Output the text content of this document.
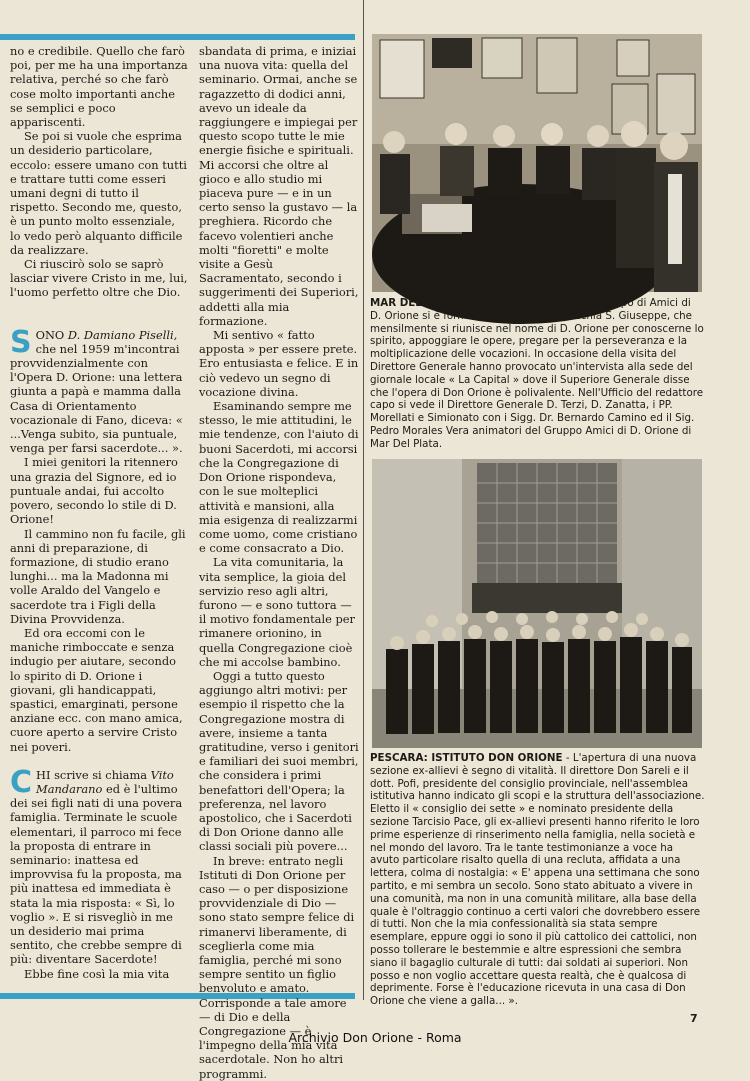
no e credibile. Quello che farò poi, per me ha una importanza relativa, perché so che farò cose molto importanti anche se semplici e poco appariscenti.

Se poi si vuole che esprima un desiderio particolare, eccolo: essere umano con tutti e trattare tutti come esseri umani degni di tutto il rispetto. Secondo me, questo, è un punto molto essenziale, lo vedo però alquanto difficile da realizzare.

Ci riuscirò solo se saprò lasciar vivere Cristo in me, lui, l'uomo perfetto oltre che Dio.

SONO D. Damiano Piselli, che nel 1959 m'incontrai provvidenzialmente con l'Opera D. Orione: una lettera giunta a papà e mamma dalla Casa di Orientamento vocazionale di Fano, diceva: « ...Venga subito, sia puntuale, venga per farsi sacerdote... ».

I miei genitori la ritennero una grazia del Signore, ed io puntuale andai, fui accolto povero, secondo lo stile di D. Orione!

Il cammino non fu facile, gli anni di preparazione, di formazione, di studio erano lunghi... ma la Madonna mi volle Araldo del Vangelo e sacerdote tra i Figli della Divina Provvidenza.

Ed ora eccomi con le maniche rimboccate e senza indugio per aiutare, secondo lo spirito di D. Orione i giovani, gli handicappati, spastici, emarginati, persone anziane ecc. con mano amica, cuore aperto a servire Cristo nei poveri.

CHI scrive si chiama Vito Mandarano ed è l'ultimo dei sei figli nati di una povera famiglia. Terminate le scuole elementari, il parroco mi fece la proposta di entrare in seminario: inattesa ed improvvisa fu la proposta, ma più inattesa ed immediata è stata la mia risposta: « Sì, lo voglio ». E si risvegliò in me un desiderio mai prima sentito, che crebbe sempre di più: diventare Sacerdote!

Ebbe fine così la mia vita

sbandata di prima, e iniziai una nuova vita: quella del seminario. Ormai, anche se ragazzetto di dodici anni, avevo un ideale da raggiungere e impiegai per questo scopo tutte le mie energie fisiche e spirituali. Mi accorsi che oltre al gioco e allo studio mi piaceva pure — e in un certo senso la gustavo — la preghiera. Ricordo che facevo volentieri anche molti "fioretti" e molte visite a Gesù Sacramentato, secondo i suggerimenti dei Superiori, addetti alla mia formazione.

Mi sentivo « fatto apposta » per essere prete. Ero entusiasta e felice. E in ciò vedevo un segno di vocazione divina.

Esaminando sempre me stesso, le mie attitudini, le mie tendenze, con l'aiuto di buoni Sacerdoti, mi accorsi che la Congregazione di Don Orione rispondeva, con le sue molteplici attività e mansioni, alla mia esigenza di realizzarmi come uomo, come cristiano e come consacrato a Dio.

La vita comunitaria, la vita semplice, la gioia del servizio reso agli altri, furono — e sono tuttora — il motivo fondamentale per rimanere orionino, in quella Congregazione cioè che mi accolse bambino.

Oggi a tutto questo aggiungo altri motivi: per esempio il rispetto che la Congregazione mostra di avere, insieme a tanta gratitudine, verso i genitori e familiari dei suoi membri, che considera i primi benefattori dell'Opera; la preferenza, nel lavoro apostolico, che i Sacerdoti di Don Orione danno alle classi sociali più povere...

In breve: entrato negli Istituti di Don Orione per caso — o per disposizione provvidenziale di Dio — sono stato sempre felice di rimanervi liberamente, di sceglierla come mia famiglia, perché mi sono sempre sentito un figlio benvoluto e amato. Corrisponde a tale amore — di Dio e della Congregazione — è l'impegno della mia vita sacerdotale. Non ho altri programmi.

MAR DEL PLATA, Argentina - Un fiorente gruppo di Amici di D. Orione si è formato nell'Istituto-Parrocchia S. Giuseppe, che mensilmente si riunisce nel nome di D. Orione per conoscerne lo spirito, appoggiare le opere, pregare per la perseveranza e la moltiplicazione delle vocazioni. In occasione della visita del Direttore Generale hanno provocato un'intervista alla sede del giornale locale « La Capital » dove il Superiore Generale disse che l'opera di Don Orione è polivalente. Nell'Ufficio del redattore capo si vede il Direttore Generale D. Terzi, D. Zanatta, i PP. Morellati e Simionato con i Sigg. Dr. Bernardo Camino ed il Sig. Pedro Morales Vera animatori del Gruppo Amici di D. Orione di Mar Del Plata.
PESCARA: ISTITUTO DON ORIONE - L'apertura di una nuova sezione ex-allievi è segno di vitalità. Il direttore Don Sareli e il dott. Pofi, presidente del consiglio provinciale, nell'assemblea istitutiva hanno indicato gli scopi e la struttura dell'associazione. Eletto il « consiglio dei sette » e nominato presidente della sezione Tarcisio Pace, gli ex-allievi presenti hanno riferito le loro prime esperienze di rinserimento nella famiglia, nella società e nel mondo del lavoro. Tra le tante testimonianze a voce ha avuto particolare risalto quella di una recluta, affidata a una lettera, colma di nostalgia: « E' appena una settimana che sono partito, e mi sembra un secolo. Sono stato abituato a vivere in una comunità, ma non in una comunità militare, alla base della quale è l'oltraggio continuo a certi valori che dovrebbero essere di tutti. Non che la mia confessionalità sia stata sempre esemplare, eppure oggi io sono il più cattolico dei cattolici, non posso tollerare le bestemmie e altre espressioni che sembra siano il bagaglio culturale di tutti: dai soldati ai superiori. Non posso e non voglio accettare questa realtà, che è qualcosa di deprimente. Forse è l'educazione ricevuta in una casa di Don Orione che viene a galla... ».
7
Archivio Don Orione - Roma
